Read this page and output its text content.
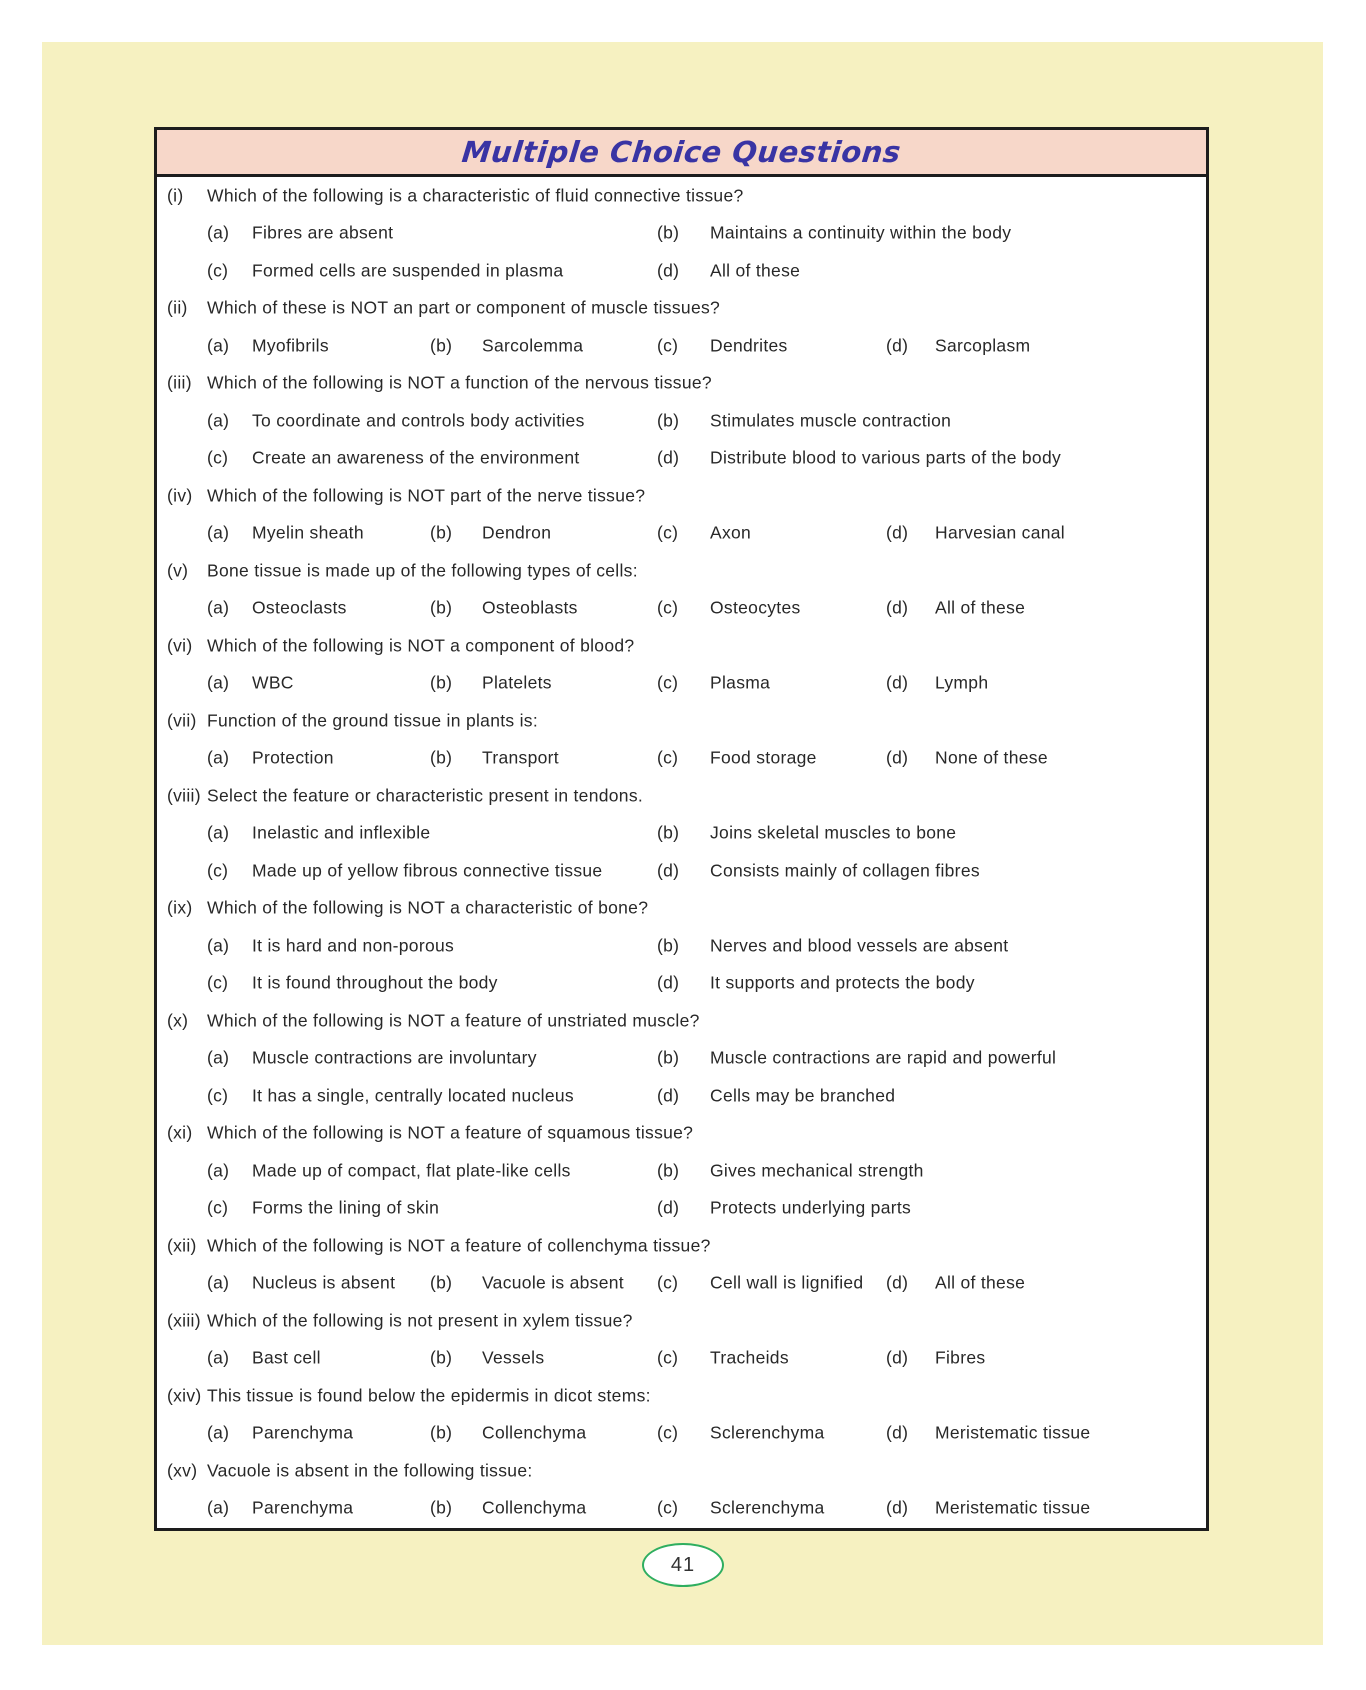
Multiple Choice Questions
(i) Which of the following is a characteristic of fluid connective tissue?
(a) Fibres are absent	(b) Maintains a continuity within the body
(c) Formed cells are suspended in plasma	(d) All of these
(ii) Which of these is NOT an part or component of muscle tissues?
(a) Myofibrils	(b) Sarcolemma	(c) Dendrites	(d) Sarcoplasm
(iii) Which of the following is NOT a function of the nervous tissue?
(a) To coordinate and controls body activities	(b) Stimulates muscle contraction
(c) Create an awareness of the environment	(d) Distribute blood to various parts of the body
(iv) Which of the following is NOT part of the nerve tissue?
(a) Myelin sheath	(b) Dendron	(c) Axon	(d) Harvesian canal
(v) Bone tissue is made up of the following types of cells:
(a) Osteoclasts	(b) Osteoblasts	(c) Osteocytes	(d) All of these
(vi) Which of the following is NOT a component of blood?
(a) WBC	(b) Platelets	(c) Plasma	(d) Lymph
(vii) Function of the ground tissue in plants is:
(a) Protection	(b) Transport	(c) Food storage	(d) None of these
(viii) Select the feature or characteristic present in tendons.
(a) Inelastic and inflexible	(b) Joins skeletal muscles to bone
(c) Made up of yellow fibrous connective tissue	(d) Consists mainly of collagen fibres
(ix) Which of the following is NOT a characteristic of bone?
(a) It is hard and non-porous	(b) Nerves and blood vessels are absent
(c) It is found throughout the body	(d) It supports and protects the body
(x) Which of the following is NOT a feature of unstriated muscle?
(a) Muscle contractions are involuntary	(b) Muscle contractions are rapid and powerful
(c) It has a single, centrally located nucleus	(d) Cells may be branched
(xi) Which of the following is NOT a feature of squamous tissue?
(a) Made up of compact, flat plate-like cells	(b) Gives mechanical strength
(c) Forms the lining of skin	(d) Protects underlying parts
(xii) Which of the following is NOT a feature of collenchyma tissue?
(a) Nucleus is absent (b) Vacuole is absent (c) Cell wall is lignified (d) All of these
(xiii) Which of the following is not present in xylem tissue?
(a) Bast cell	(b) Vessels	(c) Tracheids	(d) Fibres
(xiv) This tissue is found below the epidermis in dicot stems:
(a) Parenchyma	(b) Collenchyma	(c) Sclerenchyma	(d) Meristematic tissue
(xv) Vacuole is absent in the following tissue:
(a) Parenchyma	(b) Collenchyma	(c) Sclerenchyma	(d) Meristematic tissue
41
